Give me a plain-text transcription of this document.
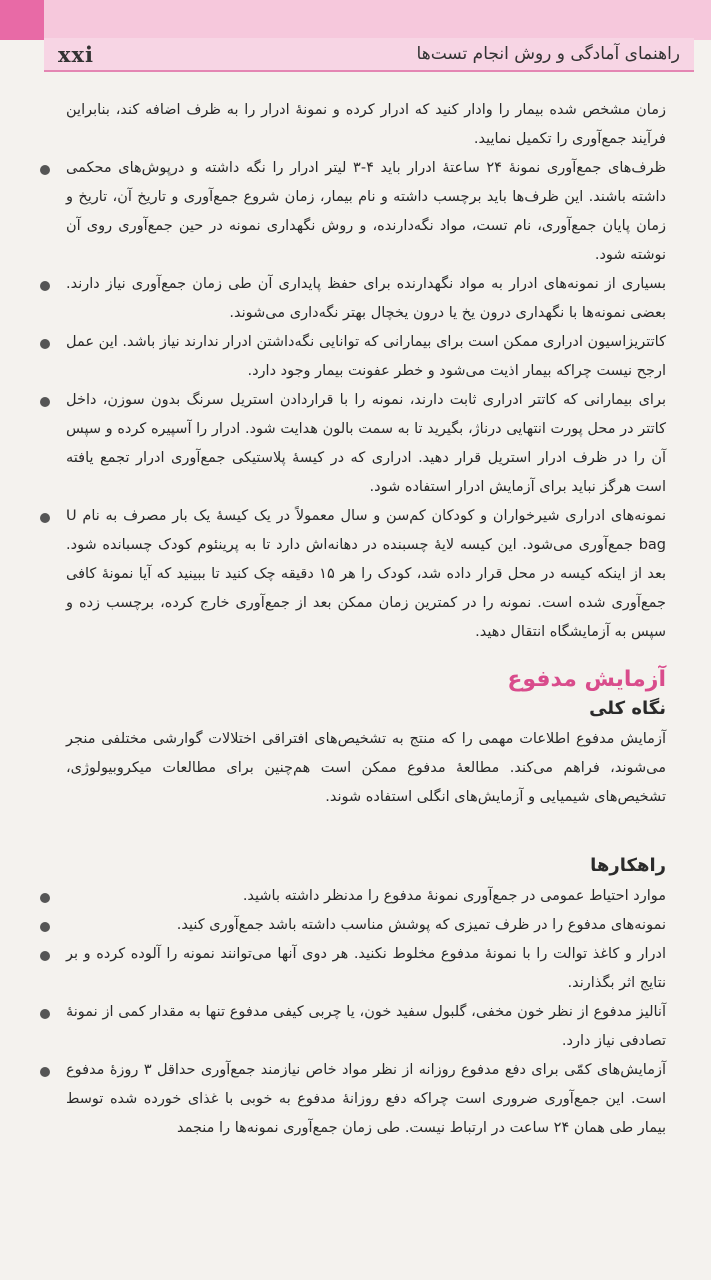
xxi	راهنمای آمادگی و روش انجام تست‌ها

زمان مشخص شده بیمار را وادار کنید که ادرار کرده و نمونهٔ ادرار را به ظرف اضافه کند، بنابراین فرآیند جمع‌آوری را تکمیل نمایید.

ظرف‌های جمع‌آوری نمونهٔ ۲۴ ساعتهٔ ادرار باید ۴-۳ لیتر ادرار را نگه داشته و درپوش‌های محکمی داشته باشند. این ظرف‌ها باید برچسب داشته و نام بیمار، زمان شروع جمع‌آوری و تاریخ آن، تاریخ و زمان پایان جمع‌آوری، نام تست، مواد نگه‌دارنده، و روش نگهداری نمونه در حین جمع‌آوری روی آن نوشته شود.
بسیاری از نمونه‌های ادرار به مواد نگهدارنده برای حفظ پایداری آن طی زمان جمع‌آوری نیاز دارند. بعضی نمونه‌ها با نگهداری درون یخ یا درون یخچال بهتر نگه‌داری می‌شوند.
کاتتریزاسیون ادراری ممکن است برای بیمارانی که توانایی نگه‌داشتن ادرار ندارند نیاز باشد. این عمل ارجح نیست چراکه بیمار اذیت می‌شود و خطر عفونت بیمار وجود دارد.
برای بیمارانی که کاتتر ادراری ثابت دارند، نمونه را با قراردادن استریل سرنگ بدون سوزن، داخل کاتتر در محل پورت انتهایی درناژ، بگیرید تا به سمت بالون هدایت شود. ادرار را آسپیره کرده و سپس آن را در ظرف ادرار استریل قرار دهید. ادراری که در کیسهٔ پلاستیکی جمع‌آوری ادرار تجمع یافته است هرگز نباید برای آزمایش ادرار استفاده شود.
نمونه‌های ادراری شیرخواران و کودکان کم‌سن و سال معمولاً در یک کیسهٔ یک بار مصرف به نام U bag جمع‌آوری می‌شود. این کیسه لایهٔ چسبنده در دهانه‌اش دارد تا به پرینئوم کودک چسبانده شود. بعد از اینکه کیسه در محل قرار داده شد، کودک را هر ۱۵ دقیقه چک کنید تا ببینید که آیا نمونهٔ کافی جمع‌آوری شده است. نمونه را در کمترین زمان ممکن بعد از جمع‌آوری خارج کرده، برچسب زده و سپس به آزمایشگاه انتقال دهید.
آزمایش مدفوع
نگاه کلی

آزمایش مدفوع اطلاعات مهمی را که منتج به تشخیص‌های افتراقی اختلالات گوارشی مختلفی منجر می‌شوند، فراهم می‌کند. مطالعهٔ مدفوع ممکن است هم‌چنین برای مطالعات میکروبیولوژی، تشخیص‌های شیمیایی و آزمایش‌های انگلی استفاده شوند.

راهکارها
موارد احتیاط عمومی در جمع‌آوری نمونهٔ مدفوع را مدنظر داشته باشید.
نمونه‌های مدفوع را در ظرف تمیزی که پوشش مناسب داشته باشد جمع‌آوری کنید.
ادرار و کاغذ توالت را با نمونهٔ مدفوع مخلوط نکنید. هر دوی آنها می‌توانند نمونه را آلوده کرده و بر نتایج اثر بگذارند.
آنالیز مدفوع از نظر خون مخفی، گلبول سفید خون، یا چربی کیفی مدفوع تنها به مقدار کمی از نمونهٔ تصادفی نیاز دارد.
آزمایش‌های کمّی برای دفع مدفوع روزانه از نظر مواد خاص نیازمند جمع‌آوری حداقل ۳ روزهٔ مدفوع است. این جمع‌آوری ضروری است چراکه دفع روزانهٔ مدفوع به خوبی با غذای خورده شده توسط بیمار طی همان ۲۴ ساعت در ارتباط نیست. طی زمان جمع‌آوری نمونه‌ها را منجمد
